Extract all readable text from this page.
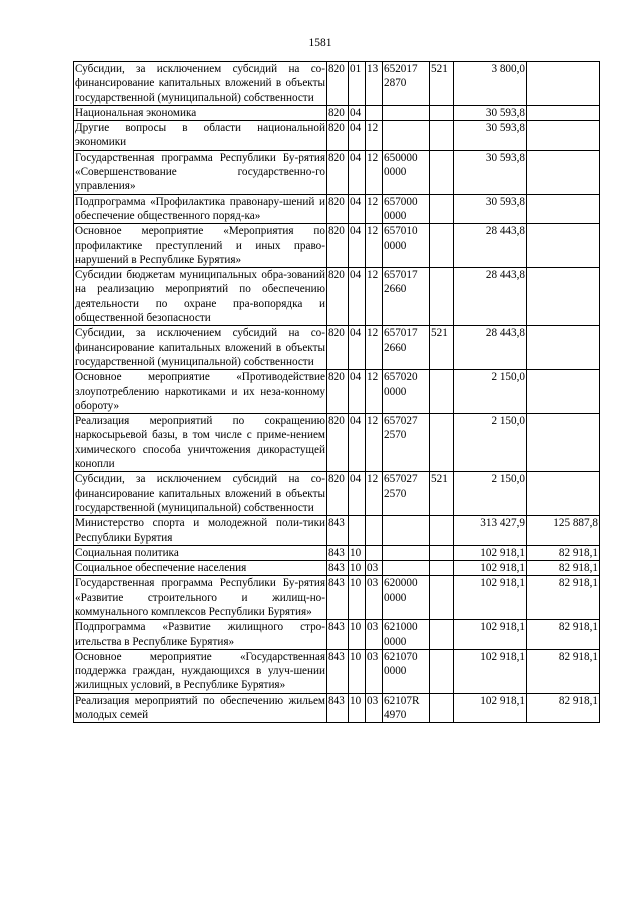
1581
Субсидии, за исключением субсидий на со-финансирование капитальных вложений в объекты государственной (муниципальной) собственности	820	01	13	652017 2870	521	3 800,0	
Национальная экономика	820	04				30 593,8	
Другие вопросы в области национальной экономики	820	04	12			30 593,8	
Государственная программа Республики Бу-рятия «Совершенствование государственно-го управления»	820	04	12	650000 0000		30 593,8	
Подпрограмма «Профилактика правонару-шений и обеспечение общественного поряд-ка»	820	04	12	657000 0000		30 593,8	
Основное мероприятие «Мероприятия по профилактике преступлений и иных право-нарушений в Республике Бурятия»	820	04	12	657010 0000		28 443,8	
Субсидии бюджетам муниципальных обра-зований на реализацию мероприятий по обеспечению деятельности по охране пра-вопорядка и общественной безопасности	820	04	12	657017 2660		28 443,8	
Субсидии, за исключением субсидий на со-финансирование капитальных вложений в объекты государственной (муниципальной) собственности	820	04	12	657017 2660	521	28 443,8	
Основное мероприятие «Противодействие злоупотреблению наркотиками и их неза-конному обороту»	820	04	12	657020 0000		2 150,0	
Реализация мероприятий по сокращению наркосырьевой базы, в том числе с приме-нением химического способа уничтожения дикорастущей конопли	820	04	12	657027 2570		2 150,0	
Субсидии, за исключением субсидий на со-финансирование капитальных вложений в объекты государственной (муниципальной) собственности	820	04	12	657027 2570	521	2 150,0	
Министерство спорта и молодежной поли-тики Республики Бурятия	843					313 427,9	125 887,8
Социальная политика	843	10				102 918,1	82 918,1
Социальное обеспечение населения	843	10	03			102 918,1	82 918,1
Государственная программа Республики Бу-рятия «Развитие строительного и жилищ-но-коммунального комплексов Республики Бурятия»	843	10	03	620000 0000		102 918,1	82 918,1
Подпрограмма «Развитие жилищного стро-ительства в Республике Бурятия»	843	10	03	621000 0000		102 918,1	82 918,1
Основное мероприятие «Государственная поддержка граждан, нуждающихся в улуч-шении жилищных условий, в Республике Бурятия»	843	10	03	621070 0000		102 918,1	82 918,1
Реализация мероприятий по обеспечению жильем молодых семей	843	10	03	62107R 4970		102 918,1	82 918,1
